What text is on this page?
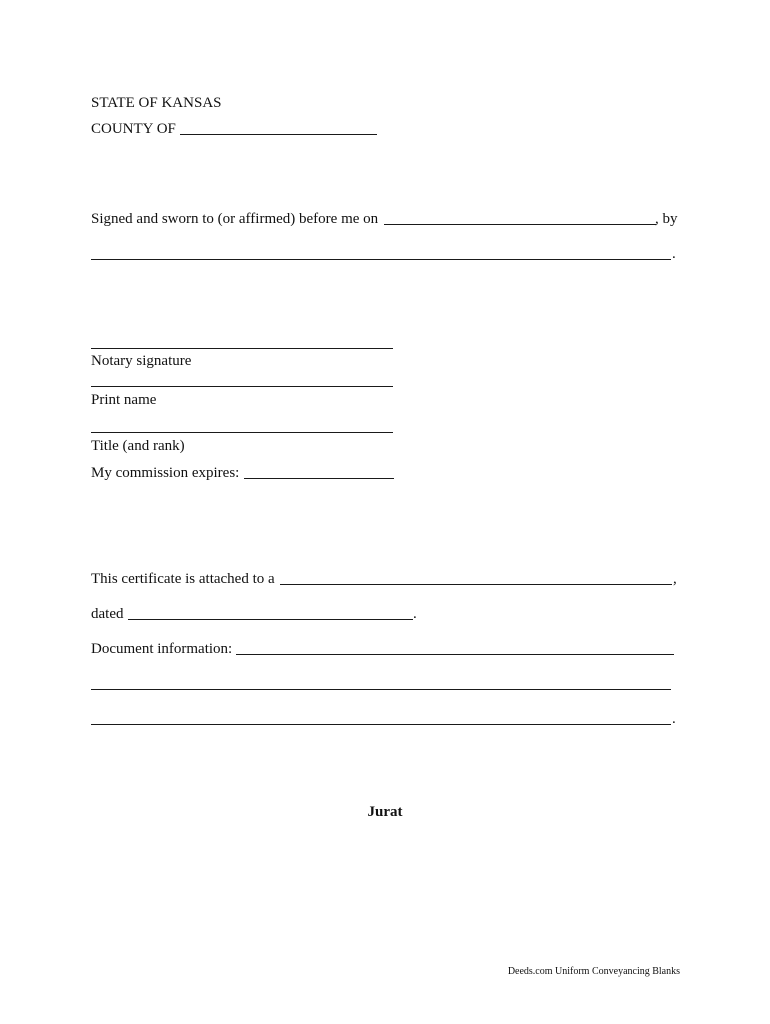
STATE OF KANSAS
COUNTY OF
Signed and sworn to (or affirmed) before me on	, by
.
Notary signature
Print name
Title (and rank)
My commission expires:
This certificate is attached to a	,
dated	.
Document information:
.
Jurat
Deeds.com Uniform Conveyancing Blanks
